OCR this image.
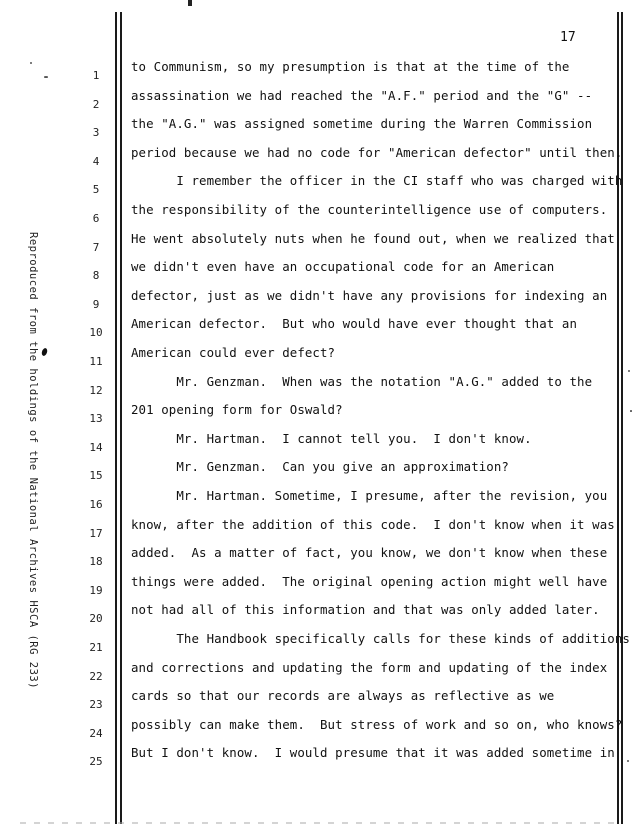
17
Reproduced from the holdings of the National Archives HSCA (RG 233)
1
2
3
4
5
6
7
8
9
10
11
12
13
14
15
16
17
18
19
20
21
22
23
24
25
to Communism, so my presumption is that at the time of the
assassination we had reached the "A.F." period and the "G" --
the "A.G." was assigned sometime during the Warren Commission
period because we had no code for "American defector" until then.
I remember the officer in the CI staff who was charged with
the responsibility of the counterintelligence use of computers.
He went absolutely nuts when he found out, when we realized that
we didn't even have an occupational code for an American
defector, just as we didn't have any provisions for indexing an
American defector.  But who would have ever thought that an
American could ever defect?
Mr. Genzman.  When was the notation "A.G." added to the
201 opening form for Oswald?
Mr. Hartman.  I cannot tell you.  I don't know.
Mr. Genzman.  Can you give an approximation?
Mr. Hartman. Sometime, I presume, after the revision, you
know, after the addition of this code.  I don't know when it was
added.  As a matter of fact, you know, we don't know when these
things were added.  The original opening action might well have
not had all of this information and that was only added later.
The Handbook specifically calls for these kinds of additions
and corrections and updating the form and updating of the index
cards so that our records are always as reflective as we
possibly can make them.  But stress of work and so on, who knows?
But I don't know.  I would presume that it was added sometime in
